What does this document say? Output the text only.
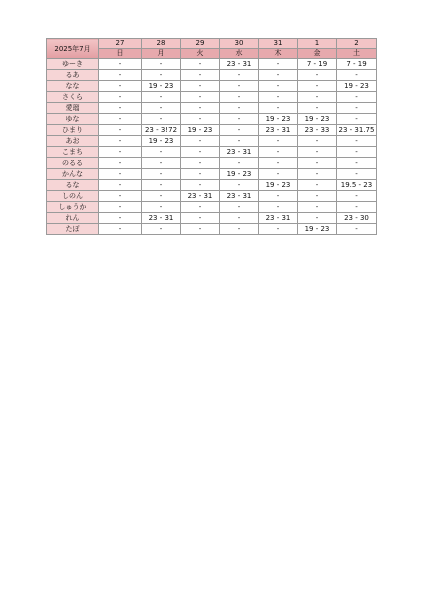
2025年7月	27	28	29	30	31	1	2
	日	月	火	水	木	金	土
ゆーき	-	-	-	23 - 31	-	7 - 19	7 - 19
るあ	-	-	-	-	-	-	-
なな	-	19 - 23	-	-	-	-	19 - 23
さくら	-	-	-	-	-	-	-
愛瑠	-	-	-	-	-	-	-
ゆな	-	-	-	-	19 - 23	19 - 23	-
ひまり	-	23 - 3!72	19 - 23	-	23 - 31	23 - 33	23 - 31.75
あお	-	19 - 23	-	-	-	-	-
こまち	-	-	-	23 - 31	-	-	-
のるる	-	-	-	-	-	-	-
かんな	-	-	-	19 - 23	-	-	-
るな	-	-	-	-	19 - 23	-	19.5 - 23
しのん	-	-	23 - 31	23 - 31	-	-	-
しゅうか	-	-	-	-	-	-	-
れん	-	23 - 31	-	-	23 - 31	-	23 - 30
たぽ	-	-	-	-	-	19 - 23	-
